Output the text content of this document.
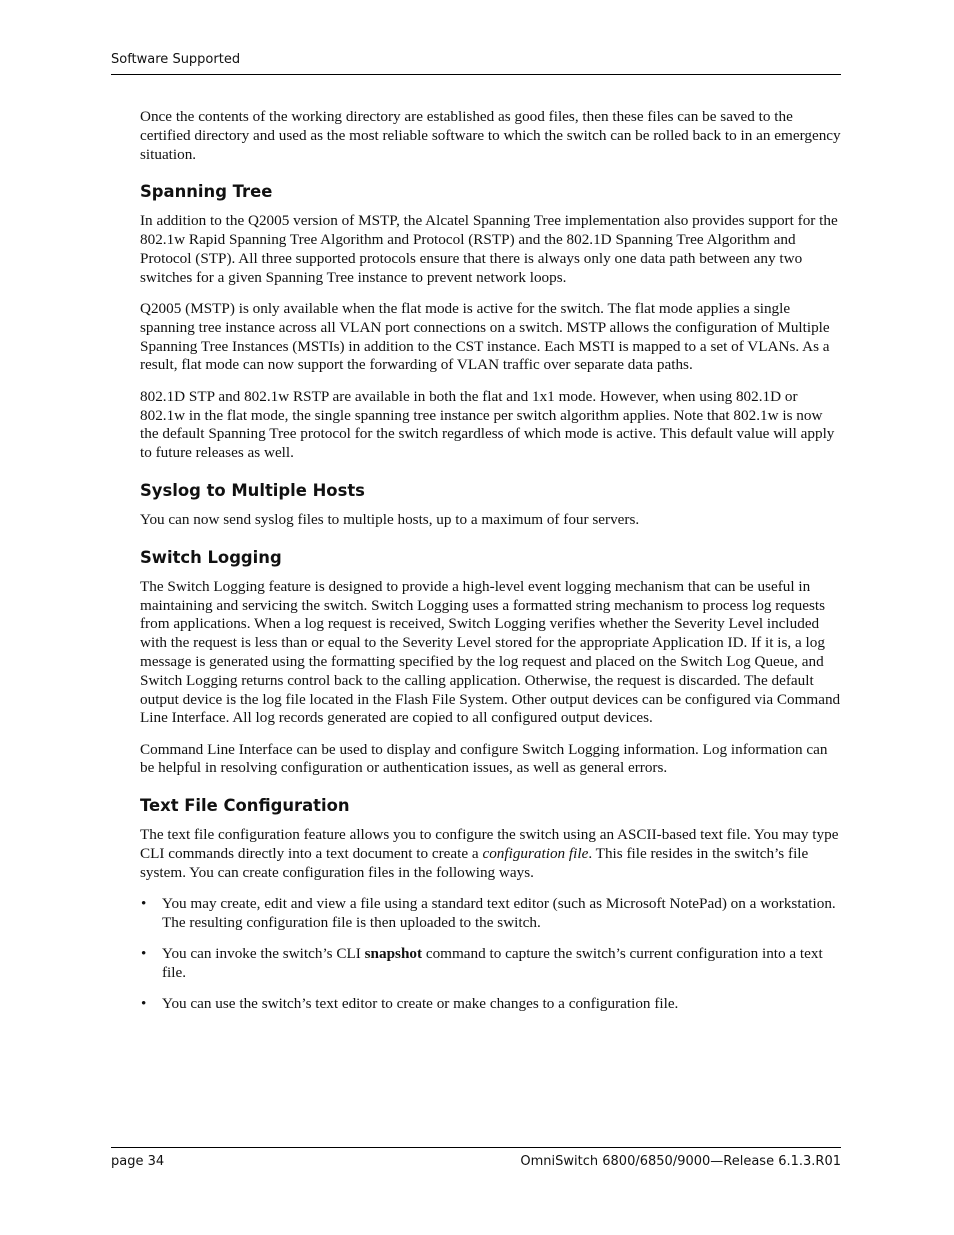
Software Supported

Once the contents of the working directory are established as good files, then these files can be saved to the certified directory and used as the most reliable software to which the switch can be rolled back to in an emergency situation.

Spanning Tree

In addition to the Q2005 version of MSTP, the Alcatel Spanning Tree implementation also provides support for the 802.1w Rapid Spanning Tree Algorithm and Protocol (RSTP) and the 802.1D Spanning Tree Algorithm and Protocol (STP). All three supported protocols ensure that there is always only one data path between any two switches for a given Spanning Tree instance to prevent network loops.

Q2005 (MSTP) is only available when the flat mode is active for the switch. The flat mode applies a single spanning tree instance across all VLAN port connections on a switch. MSTP allows the configuration of Multiple Spanning Tree Instances (MSTIs) in addition to the CST instance. Each MSTI is mapped to a set of VLANs. As a result, flat mode can now support the forwarding of VLAN traffic over separate data paths.

802.1D STP and 802.1w RSTP are available in both the flat and 1x1 mode. However, when using 802.1D or 802.1w in the flat mode, the single spanning tree instance per switch algorithm applies. Note that 802.1w is now the default Spanning Tree protocol for the switch regardless of which mode is active. This default value will apply to future releases as well.

Syslog to Multiple Hosts

You can now send syslog files to multiple hosts, up to a maximum of four servers.

Switch Logging

The Switch Logging feature is designed to provide a high-level event logging mechanism that can be useful in maintaining and servicing the switch. Switch Logging uses a formatted string mechanism to process log requests from applications. When a log request is received, Switch Logging verifies whether the Severity Level included with the request is less than or equal to the Severity Level stored for the appropriate Application ID. If it is, a log message is generated using the formatting specified by the log request and placed on the Switch Log Queue, and Switch Logging returns control back to the calling application. Otherwise, the request is discarded. The default output device is the log file located in the Flash File System. Other output devices can be configured via Command Line Interface. All log records generated are copied to all configured output devices.

Command Line Interface can be used to display and configure Switch Logging information. Log information can be helpful in resolving configuration or authentication issues, as well as general errors.

Text File Configuration

The text file configuration feature allows you to configure the switch using an ASCII-based text file. You may type CLI commands directly into a text document to create a configuration file. This file resides in the switch’s file system. You can create configuration files in the following ways.

• You may create, edit and view a file using a standard text editor (such as Microsoft NotePad) on a workstation. The resulting configuration file is then uploaded to the switch.
• You can invoke the switch’s CLI snapshot command to capture the switch’s current configuration into a text file.
• You can use the switch’s text editor to create or make changes to a configuration file.
page 34	OmniSwitch 6800/6850/9000—Release 6.1.3.R01
